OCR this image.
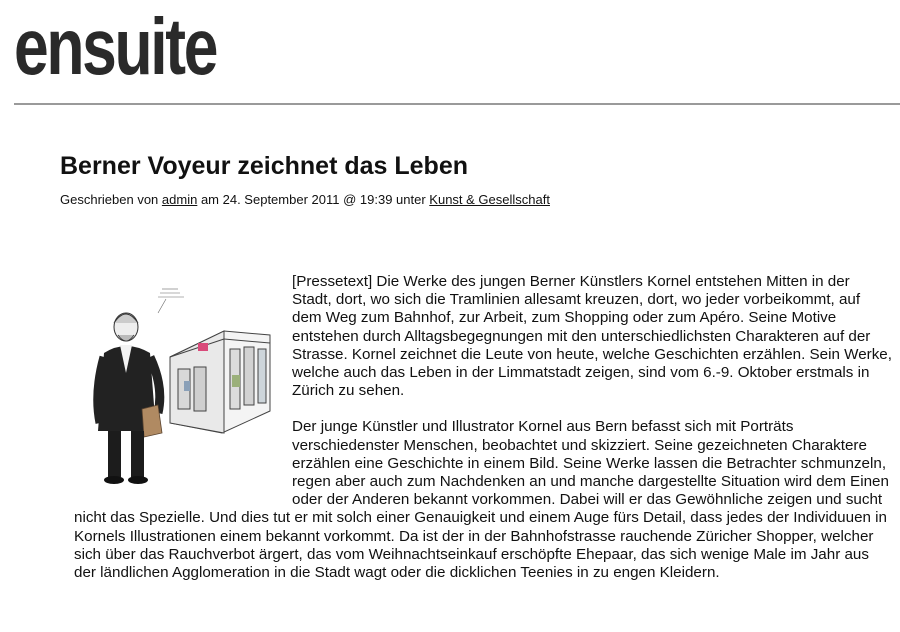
ensuite
Berner Voyeur zeichnet das Leben
Geschrieben von admin am 24. September 2011 @ 19:39 unter Kunst & Gesellschaft

[Pressetext] Die Werke des jungen Berner Künstlers Kornel entstehen Mitten in der Stadt, dort, wo sich die Tramlinien allesamt kreuzen, dort, wo jeder vorbeikommt, auf dem Weg zum Bahnhof, zur Arbeit, zum Shopping oder zum Apéro. Seine Motive entstehen durch Alltagsbegegnungen mit den unterschiedlichsten Charakteren auf der Strasse. Kornel zeichnet die Leute von heute, welche Geschichten erzählen. Sein Werke, welche auch das Leben in der Limmatstadt zeigen, sind vom 6.-9. Oktober erstmals in Zürich zu sehen.

Der junge Künstler und Illustrator Kornel aus Bern befasst sich mit Porträts verschiedenster Menschen, beobachtet und skizziert. Seine gezeichneten Charaktere erzählen eine Geschichte in einem Bild. Seine Werke lassen die Betrachter schmunzeln, regen aber auch zum Nachdenken an und manche dargestellte Situation wird dem Einen oder der Anderen bekannt vorkommen. Dabei will er das Gewöhnliche zeigen und sucht nicht das Spezielle. Und dies tut er mit solch einer Genauigkeit und einem Auge fürs Detail, dass jedes der Individuuen in Kornels Illustrationen einem bekannt vorkommt. Da ist der in der Bahnhofstrasse rauchende Züricher Shopper, welcher sich über das Rauchverbot ärgert, das vom Weihnachtseinkauf erschöpfte Ehepaar, das sich wenige Male im Jahr aus der ländlichen Agglomeration in die Stadt wagt oder die dicklichen Teenies in zu engen Kleidern.
